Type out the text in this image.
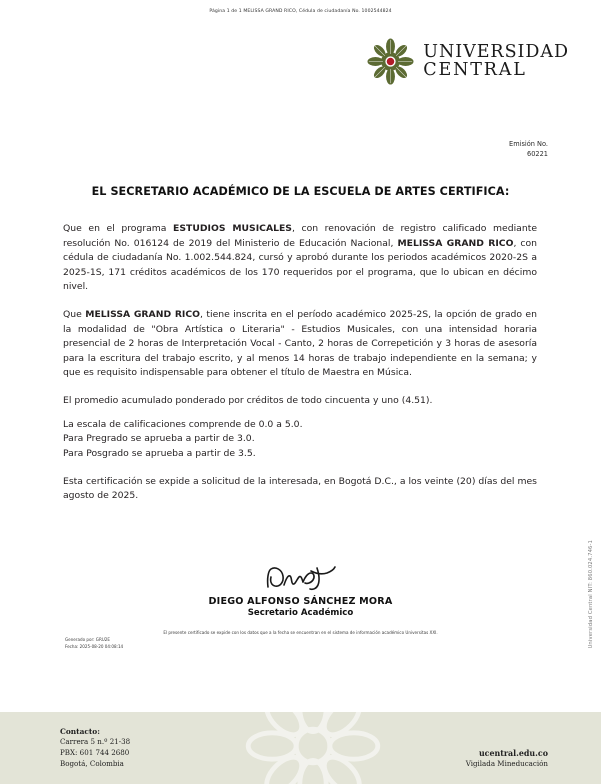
Página 1 de 1 MELISSA GRAND RICO, Cédula de ciudadanía No. 1002544824
UNIVERSIDAD
CENTRAL
Emisión No.
60221
EL SECRETARIO ACADÉMICO DE LA ESCUELA DE ARTES CERTIFICA:

Que en el programa ESTUDIOS MUSICALES, con renovación de registro calificado mediante resolución No. 016124 de 2019 del Ministerio de Educación Nacional, MELISSA GRAND RICO, con cédula de ciudadanía No. 1.002.544.824, cursó y aprobó durante los periodos académicos 2020-2S a 2025-1S, 171 créditos académicos de los 170 requeridos por el programa, que lo ubican en décimo nivel.

Que MELISSA GRAND RICO, tiene inscrita en el período académico 2025-2S, la opción de grado en la modalidad de "Obra Artística o Literaria" - Estudios Musicales, con una intensidad horaria presencial de 2 horas de Interpretación Vocal - Canto, 2 horas de Correpetición y 3 horas de asesoría para la escritura del trabajo escrito, y al menos 14 horas de trabajo independiente en la semana; y que es requisito indispensable para obtener el título de Maestra en Música.

El promedio acumulado ponderado por créditos de todo cincuenta y uno (4.51).

La escala de calificaciones comprende de 0.0 a 5.0.
Para Pregrado se aprueba a partir de 3.0.
Para Posgrado se aprueba a partir de 3.5.

Esta certificación se expide a solicitud de la interesada, en Bogotá D.C., a los veinte (20) días del mes agosto de 2025.

DIEGO ALFONSO SÁNCHEZ MORA
Secretario Académico
El presente certificado se expide con los datos que a la fecha se encuentran en el sistema de información académico Universitas XXI.
Generado por: GRU2E
Fecha: 2025-08-20 04:08:14	Universidad Central NIT: 860.024.746-1
Contacto:
Carrera 5 n.º 21-38
PBX: 601 744 2680
Bogotá, Colombia
ucentral.edu.co
Vigilada Mineducación
